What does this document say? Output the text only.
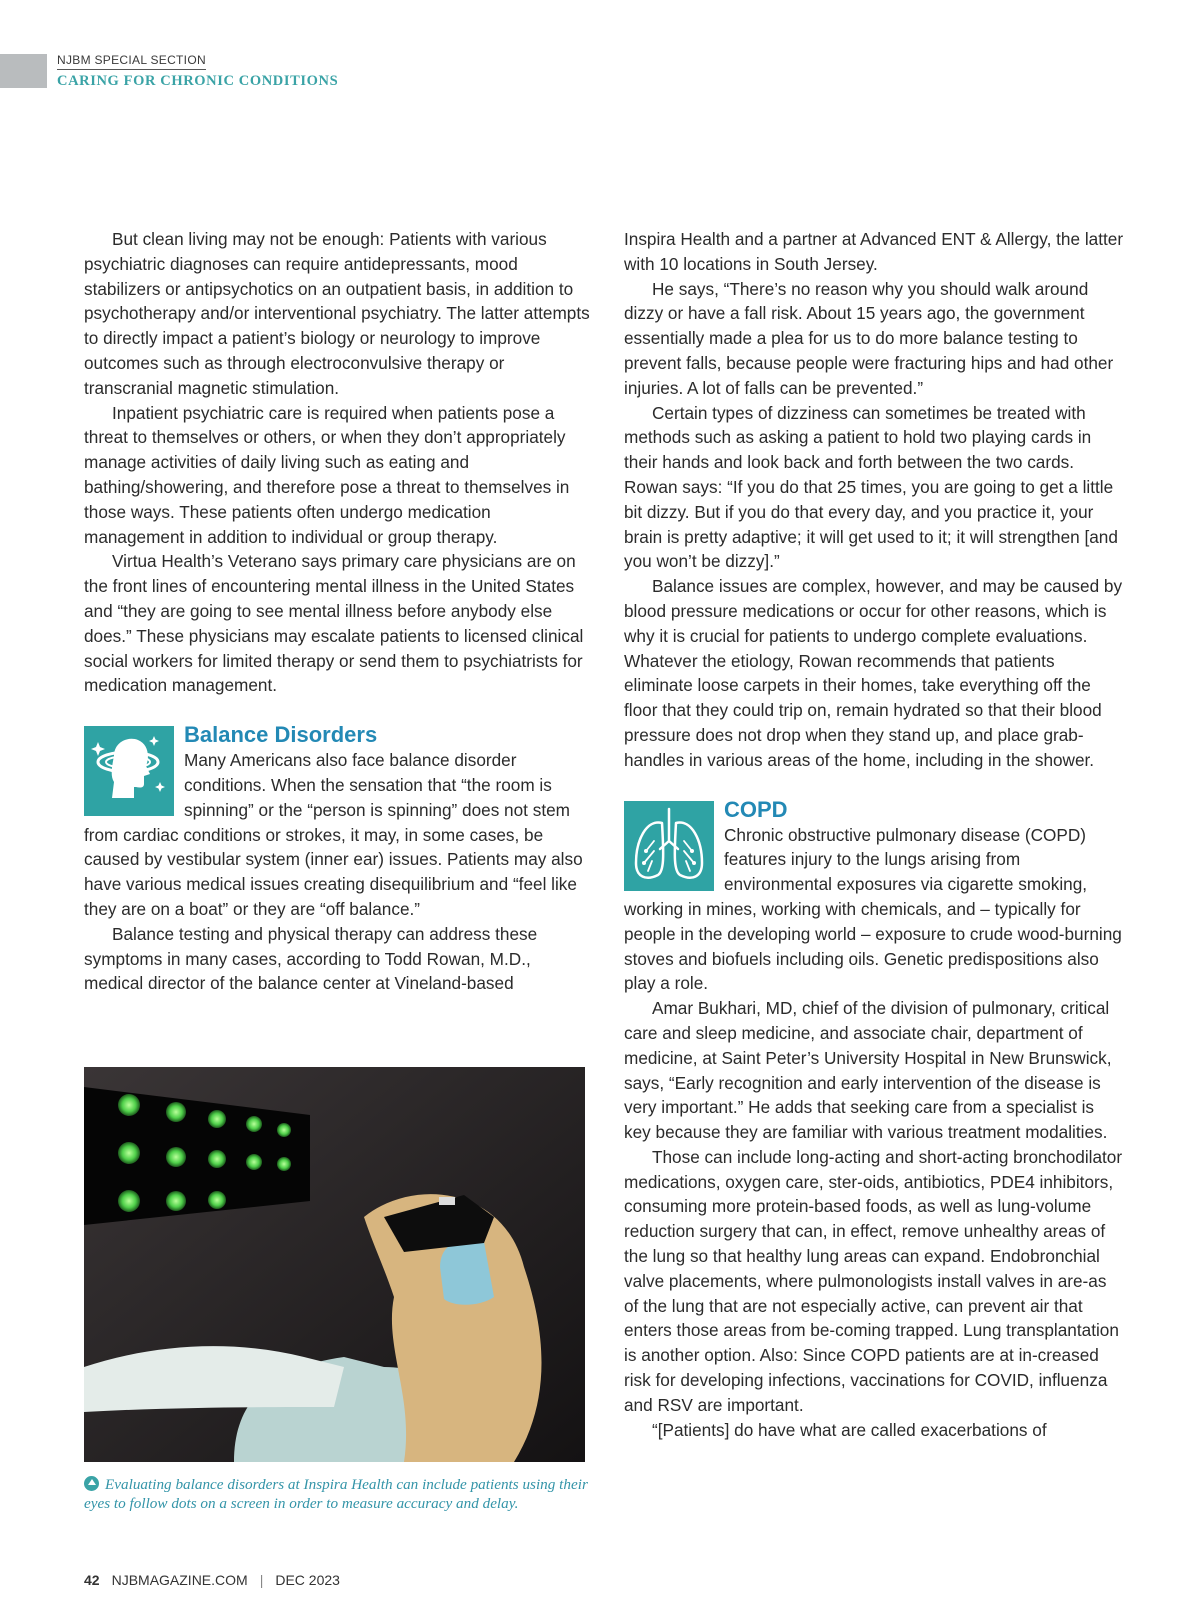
NJBM SPECIAL SECTION
CARING FOR CHRONIC CONDITIONS

But clean living may not be enough: Patients with various psychiatric diagnoses can require antidepressants, mood stabilizers or antipsychotics on an outpatient basis, in addition to psychotherapy and/or interventional psychiatry. The latter attempts to directly impact a patient’s biology or neurology to improve outcomes such as through electroconvulsive therapy or transcranial magnetic stimulation.

Inpatient psychiatric care is required when patients pose a threat to themselves or others, or when they don’t appropriately manage activities of daily living such as eating and bathing/showering, and therefore pose a threat to themselves in those ways. These patients often undergo medication management in addition to individual or group therapy.

Virtua Health’s Veterano says primary care physicians are on the front lines of encountering mental illness in the United States and “they are going to see mental illness before anybody else does.” These physicians may escalate patients to licensed clinical social workers for limited therapy or send them to psychiatrists for medication management.

Balance Disorders

Many Americans also face balance disorder conditions. When the sensation that “the room is spinning” or the “person is spinning” does not stem from cardiac conditions or strokes, it may, in some cases, be caused by vestibular system (inner ear) issues. Patients may also have various medical issues creating disequilibrium and “feel like they are on a boat” or they are “off balance.”

Balance testing and physical therapy can address these symptoms in many cases, according to Todd Rowan, M.D., medical director of the balance center at Vineland-based

Evaluating balance disorders at Inspira Health can include patients using their eyes to follow dots on a screen in order to measure accuracy and delay.

Inspira Health and a partner at Advanced ENT & Allergy, the latter with 10 locations in South Jersey.

He says, “There’s no reason why you should walk around dizzy or have a fall risk. About 15 years ago, the government essentially made a plea for us to do more balance testing to prevent falls, because people were fracturing hips and had other injuries. A lot of falls can be prevented.”

Certain types of dizziness can sometimes be treated with methods such as asking a patient to hold two playing cards in their hands and look back and forth between the two cards. Rowan says: “If you do that 25 times, you are going to get a little bit dizzy. But if you do that every day, and you practice it, your brain is pretty adaptive; it will get used to it; it will strengthen [and you won’t be dizzy].”

Balance issues are complex, however, and may be caused by blood pressure medications or occur for other reasons, which is why it is crucial for patients to undergo complete evaluations. Whatever the etiology, Rowan recommends that patients eliminate loose carpets in their homes, take everything off the floor that they could trip on, remain hydrated so that their blood pressure does not drop when they stand up, and place grab-handles in various areas of the home, including in the shower.

COPD

Chronic obstructive pulmonary disease (COPD) features injury to the lungs arising from environmental exposures via cigarette smoking, working in mines, working with chemicals, and – typically for people in the developing world – exposure to crude wood-burning stoves and biofuels including oils. Genetic predispositions also play a role.

Amar Bukhari, MD, chief of the division of pulmonary, critical care and sleep medicine, and associate chair, department of medicine, at Saint Peter’s University Hospital in New Brunswick, says, “Early recognition and early intervention of the disease is very important.” He adds that seeking care from a specialist is key because they are familiar with various treatment modalities.

Those can include long-acting and short-acting bronchodilator medications, oxygen care, ster-oids, antibiotics, PDE4 inhibitors, consuming more protein-based foods, as well as lung-volume reduction surgery that can, in effect, remove unhealthy areas of the lung so that healthy lung areas can expand. Endobronchial valve placements, where pulmonologists install valves in are-as of the lung that are not especially active, can prevent air that enters those areas from be-coming trapped. Lung transplantation is another option. Also: Since COPD patients are at in-creased risk for developing infections, vaccinations for COVID, influenza and RSV are important.

“[Patients] do have what are called exacerbations of

42 NJBMAGAZINE.COM | DEC 2023
